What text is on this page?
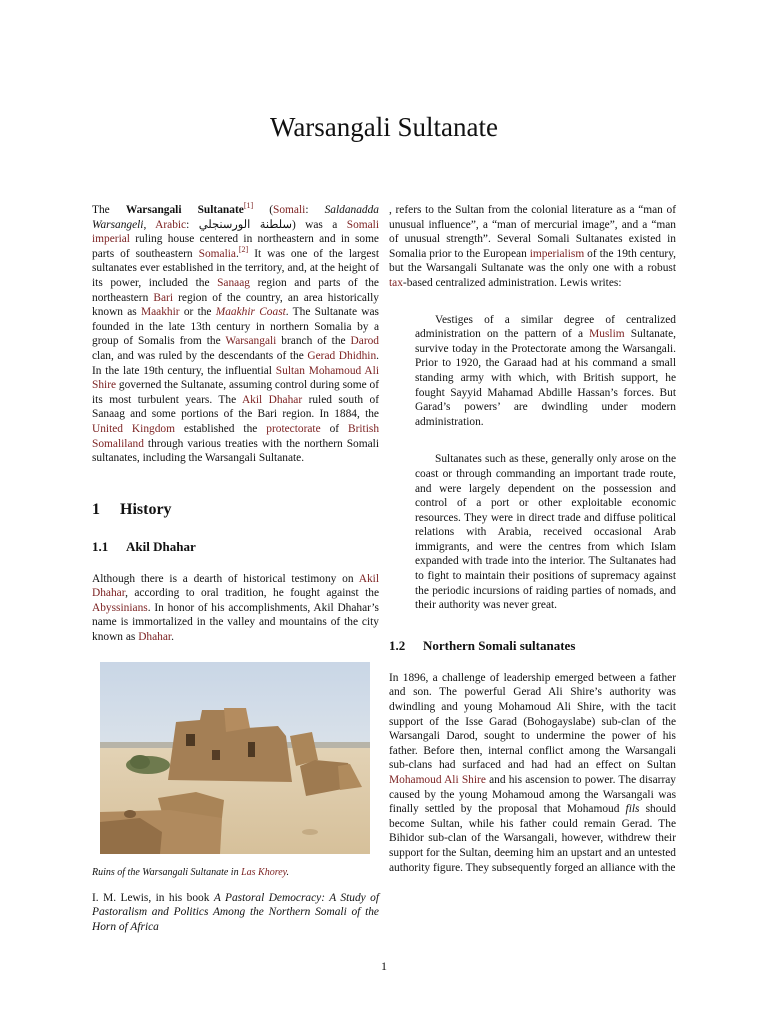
Warsangali Sultanate

The Warsangali Sultanate[1] (Somali: Saldanadda Warsangeli, Arabic: سلطنة الورسنجلي) was a Somali imperial ruling house centered in northeastern and in some parts of southeastern Somalia.[2] It was one of the largest sultanates ever established in the territory, and, at the height of its power, included the Sanaag region and parts of the northeastern Bari region of the country, an area historically known as Maakhir or the Maakhir Coast. The Sultanate was founded in the late 13th century in northern Somalia by a group of Somalis from the Warsangali branch of the Darod clan, and was ruled by the descendants of the Gerad Dhidhin. In the late 19th century, the influential Sultan Mohamoud Ali Shire governed the Sultanate, assuming control during some of its most turbulent years. The Akil Dhahar ruled south of Sanaag and some portions of the Bari region. In 1884, the United Kingdom established the protectorate of British Somaliland through various treaties with the northern Somali sultanates, including the Warsangali Sultanate.

1 History
1.1 Akil Dhahar

Although there is a dearth of historical testimony on Akil Dhahar, according to oral tradition, he fought against the Abyssinians. In honor of his accomplishments, Akil Dhahar’s name is immortalized in the valley and mountains of the city known as Dhahar.

Ruins of the Warsangali Sultanate in Las Khorey.

I. M. Lewis, in his book A Pastoral Democracy: A Study of Pastoralism and Politics Among the Northern Somali of the Horn of Africa

, refers to the Sultan from the colonial literature as a “man of unusual influence”, a “man of mercurial image”, and a “man of unusual strength”. Several Somali Sultanates existed in Somalia prior to the European imperialism of the 19th century, but the Warsangali Sultanate was the only one with a robust tax-based centralized administration. Lewis writes:

Vestiges of a similar degree of centralized administration on the pattern of a Muslim Sultanate, survive today in the Protectorate among the Warsangali. Prior to 1920, the Garaad had at his command a small standing army with which, with British support, he fought Sayyid Mahamad Abdille Hassan’s forces. But Garad’s powers’ are dwindling under modern administration.

Sultanates such as these, generally only arose on the coast or through commanding an important trade route, and were largely dependent on the possession and control of a port or other exploitable economic resources. They were in direct trade and diffuse political relations with Arabia, received occasional Arab immigrants, and were the centres from which Islam expanded with trade into the interior. The Sultanates had to fight to maintain their positions of supremacy against the periodic incursions of raiding parties of nomads, and their authority was never great.

1.2 Northern Somali sultanates

In 1896, a challenge of leadership emerged between a father and son. The powerful Gerad Ali Shire’s authority was dwindling and young Mohamoud Ali Shire, with the tacit support of the Isse Garad (Bohogayslabe) sub-clan of the Warsangali Darod, sought to undermine the power of his father. Before then, internal conflict among the Warsangali sub-clans had surfaced and had had an effect on Sultan Mohamoud Ali Shire and his ascension to power. The disarray caused by the young Mohamoud among the Warsangali was finally settled by the proposal that Mohamoud fils should become Sultan, while his father could remain Gerad. The Bihidor sub-clan of the Warsangali, however, withdrew their support for the Sultan, deeming him an upstart and an untested authority figure. They subsequently forged an alliance with the

1
